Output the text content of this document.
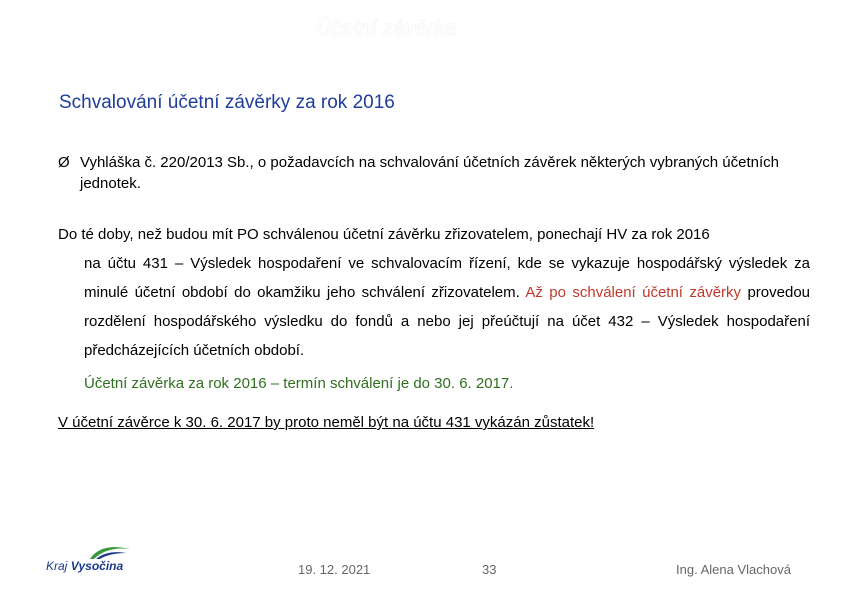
Účetní závěrka
Schvalování účetní závěrky za rok 2016
Ø Vyhláška č. 220/2013 Sb., o požadavcích na schvalování účetních závěrek některých vybraných účetních jednotek.
Do té doby, než budou mít PO schválenou účetní závěrku zřizovatelem, ponechají HV za rok 2016
na účtu 431 – Výsledek hospodaření ve schvalovacím řízení, kde se vykazuje hospodářský výsledek za minulé účetní období do okamžiku jeho schválení zřizovatelem. Až po schválení účetní závěrky provedou rozdělení hospodářského výsledku do fondů a nebo jej přeúčtují na účet 432 – Výsledek hospodaření předcházejících účetních období.
Účetní závěrka za rok 2016 – termín schválení je do 30. 6. 2017.
V účetní závěrce k 30. 6. 2017 by proto neměl být na účtu 431 vykázán zůstatek!
Kraj Vysočina	19. 12. 2021	33	Ing. Alena Vlachová
